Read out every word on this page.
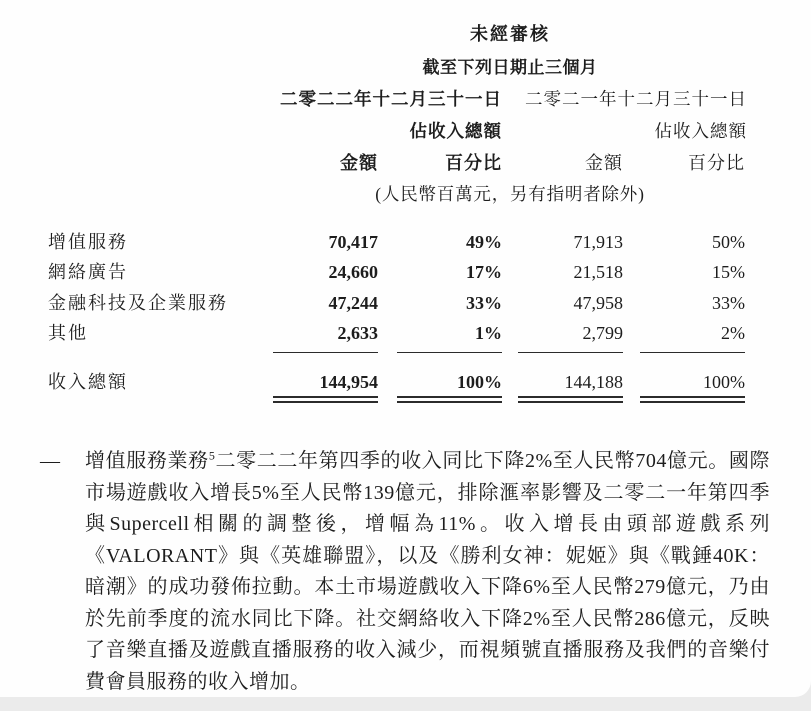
未經審核
截至下列日期止三個月
二零二二年十二月三十一日	二零二一年十二月三十一日
佔收入總額	佔收入總額
金額	百分比	金額	百分比
(人民幣百萬元，另有指明者除外)
增值服務	70,417	49%	71,913	50%
網絡廣告	24,660	17%	21,518	15%
金融科技及企業服務	47,244	33%	47,958	33%
其他	2,633	1%	2,799	2%
收入總額	144,954	100%	144,188	100%
—	增值服務業務$^5$二零二二年第四季的收入同比下降2%至人民幣704億元。國際市場遊戲收入增長5%至人民幣139億元，排除滙率影響及二零二一年第四季與Supercell相關的調整後，增幅為11%。收入增長由頭部遊戲系列《VALORANT》與《英雄聯盟》，以及《勝利女神：妮姬》與《戰錘40K：暗潮》的成功發佈拉動。本土市場遊戲收入下降6%至人民幣279億元，乃由於先前季度的流水同比下降。社交網絡收入下降2%至人民幣286億元，反映了音樂直播及遊戲直播服務的收入減少，而視頻號直播服務及我們的音樂付費會員服務的收入增加。
